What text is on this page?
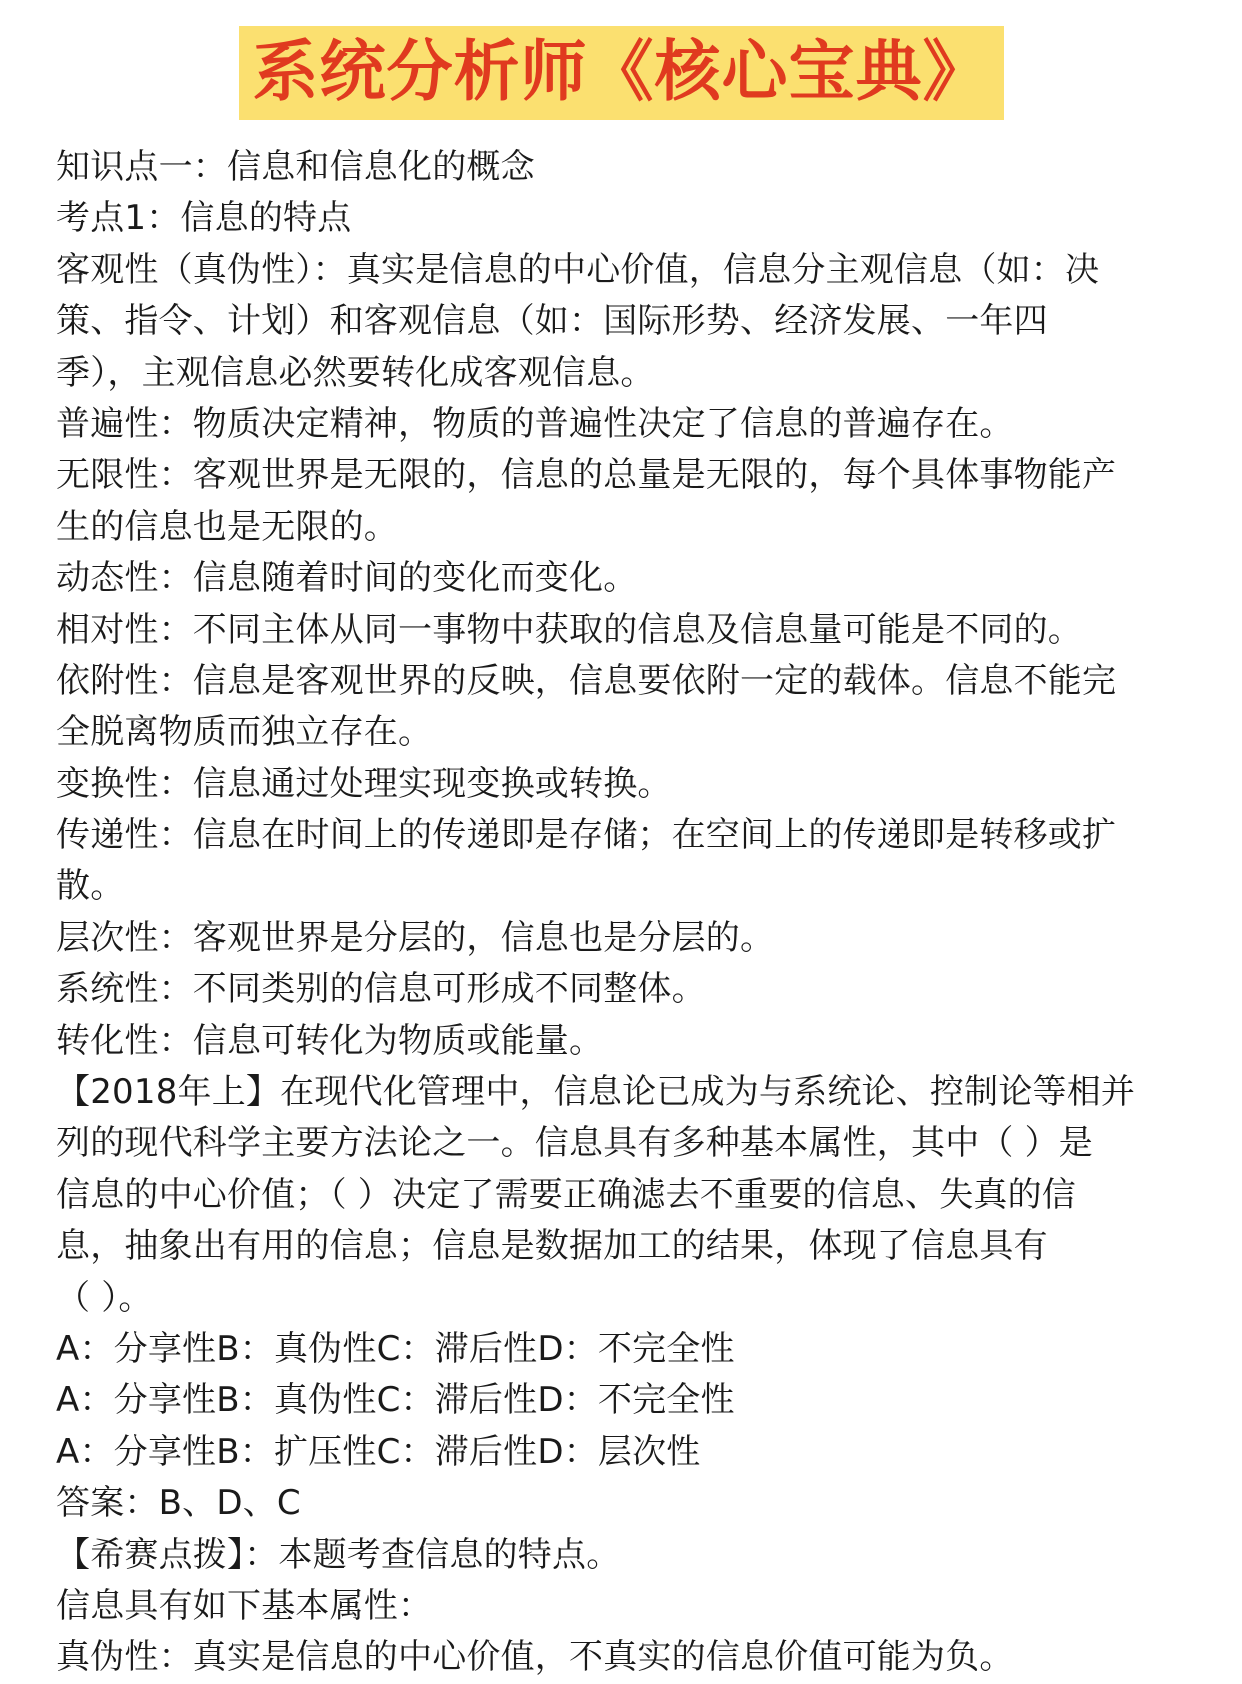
系统分析师《核心宝典》
知识点一：信息和信息化的概念
考点1：信息的特点
客观性（真伪性）：真实是信息的中心价值，信息分主观信息（如：决
策、指令、计划）和客观信息（如：国际形势、经济发展、一年四
季），主观信息必然要转化成客观信息。
普遍性：物质决定精神，物质的普遍性决定了信息的普遍存在。
无限性：客观世界是无限的，信息的总量是无限的，每个具体事物能产
生的信息也是无限的。
动态性：信息随着时间的变化而变化。
相对性：不同主体从同一事物中获取的信息及信息量可能是不同的。
依附性：信息是客观世界的反映，信息要依附一定的载体。信息不能完
全脱离物质而独立存在。
变换性：信息通过处理实现变换或转换。
传递性：信息在时间上的传递即是存储；在空间上的传递即是转移或扩
散。
层次性：客观世界是分层的，信息也是分层的。
系统性：不同类别的信息可形成不同整体。
转化性：信息可转化为物质或能量。
【2018年上】在现代化管理中，信息论已成为与系统论、控制论等相并
列的现代科学主要方法论之一。信息具有多种基本属性，其中（ ）是
信息的中心价值；（ ）决定了需要正确滤去不重要的信息、失真的信
息，抽象出有用的信息；信息是数据加工的结果，体现了信息具有
（ ）。
A：分享性B：真伪性C：滞后性D：不完全性
A：分享性B：真伪性C：滞后性D：不完全性
A：分享性B：扩压性C：滞后性D：层次性
答案：B、D、C
【希赛点拨】：本题考查信息的特点。
信息具有如下基本属性：
真伪性：真实是信息的中心价值，不真实的信息价值可能为负。
